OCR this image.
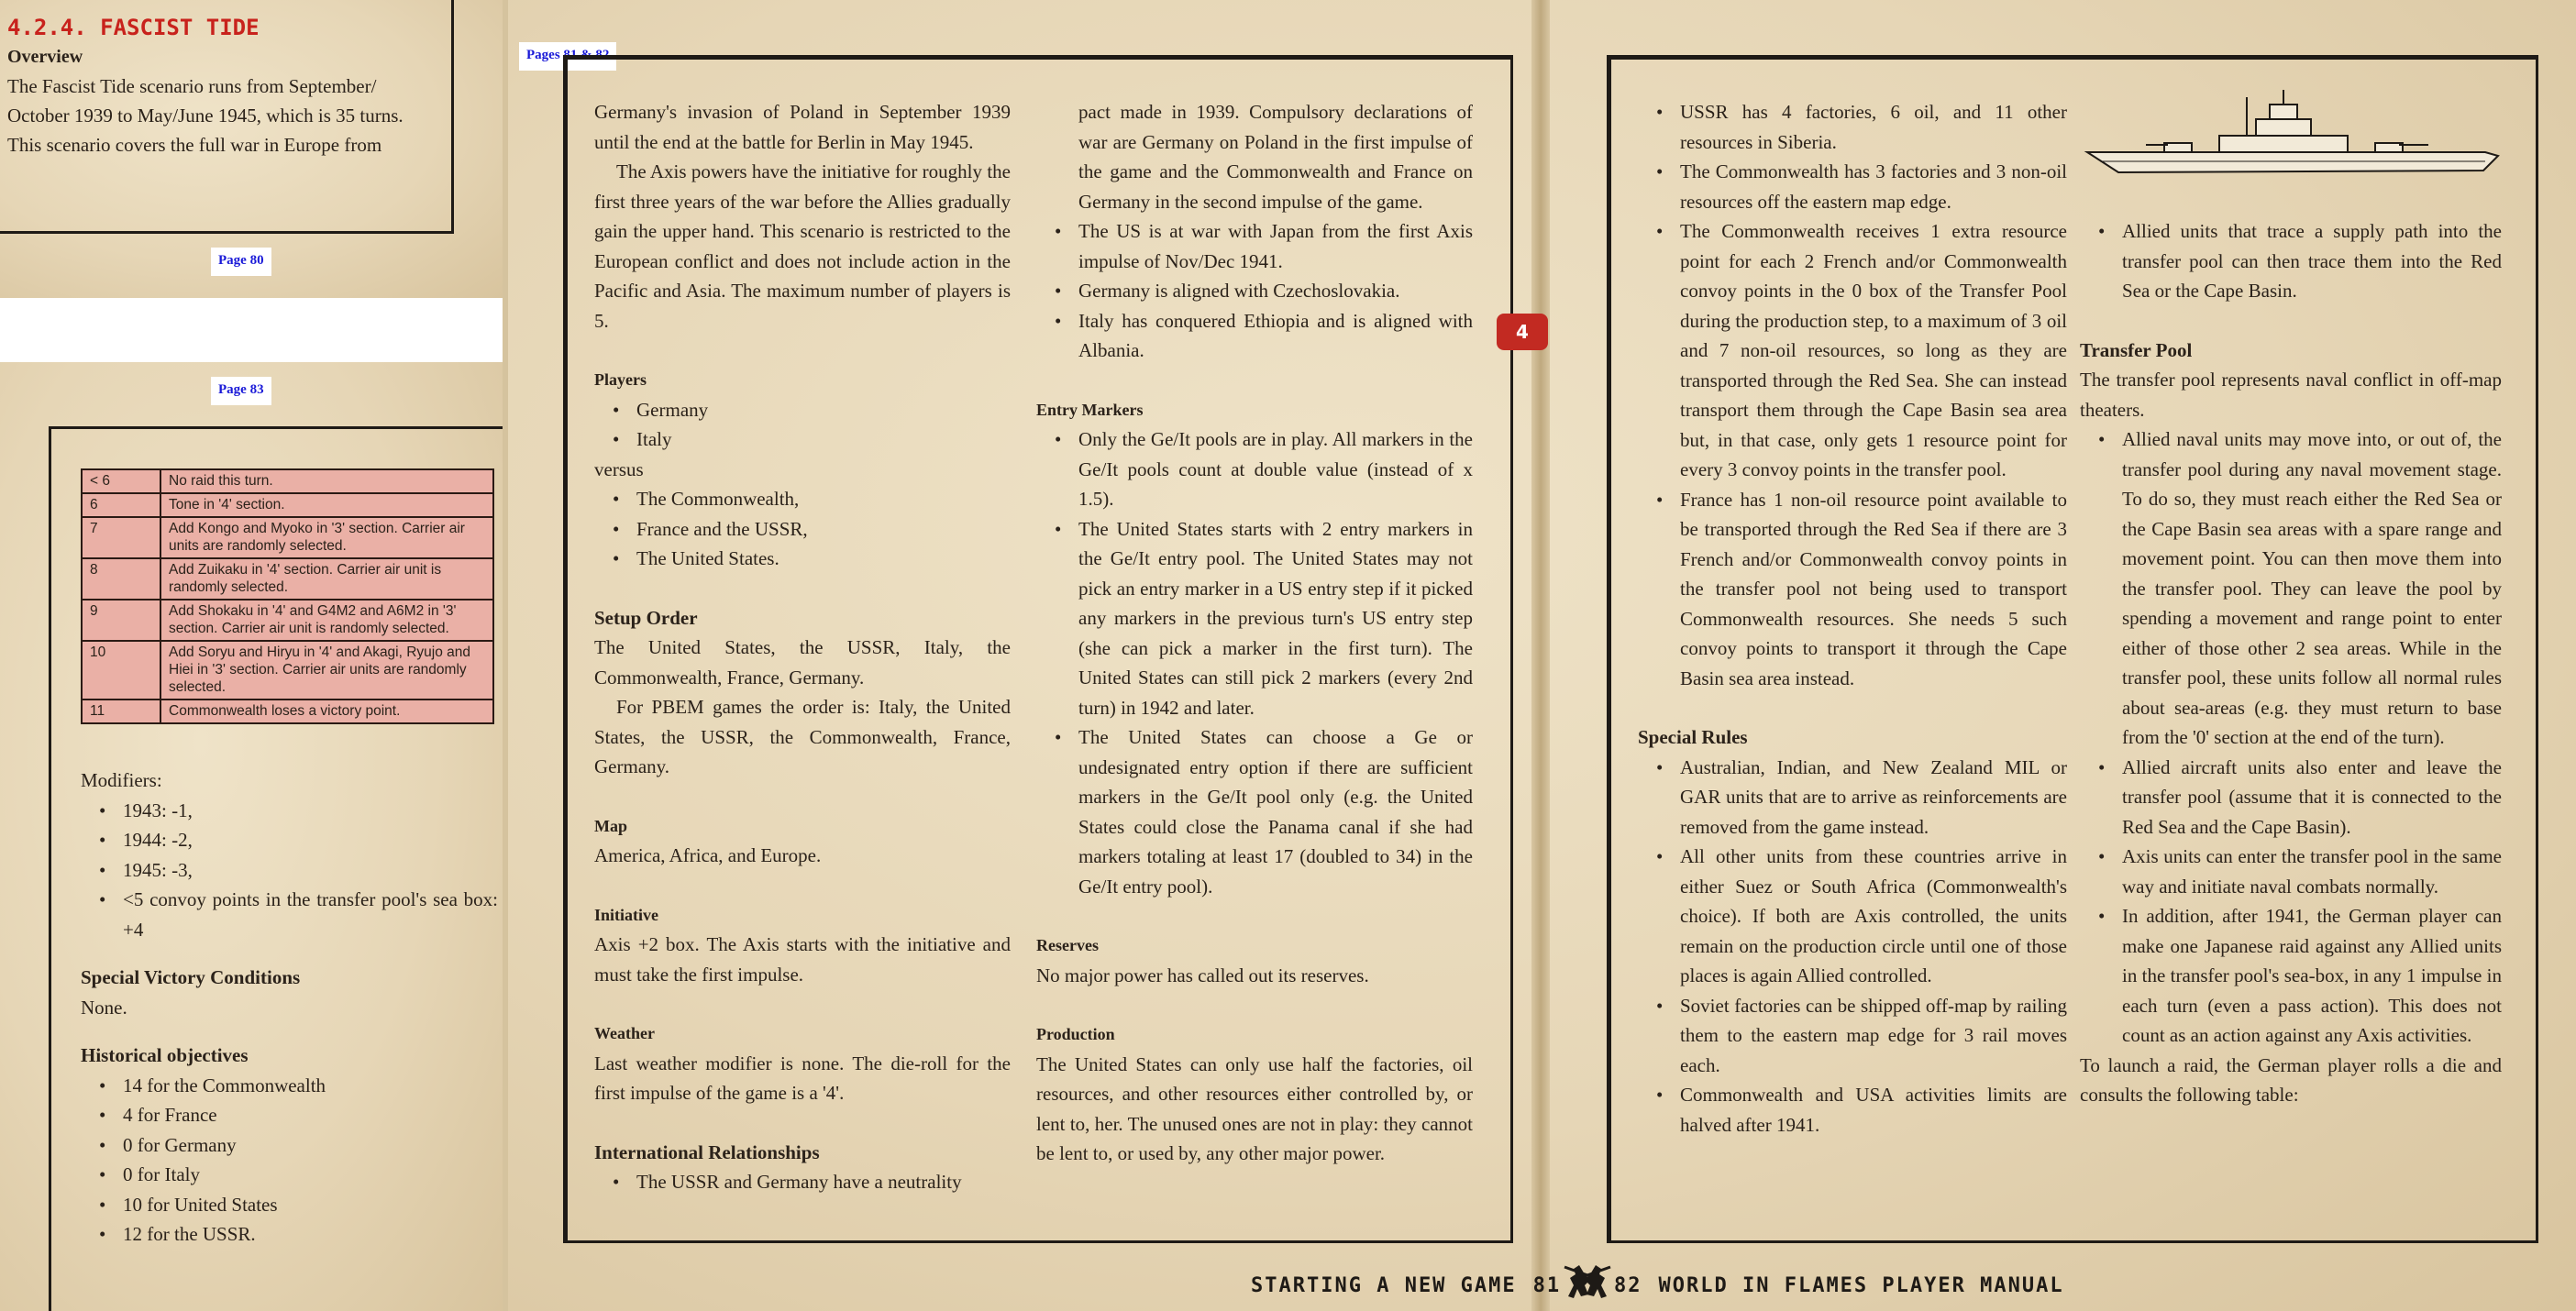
4.2.4. FASCIST TIDE
Overview
The Fascist Tide scenario runs from September/
October 1939 to May/June 1945, which is 35 turns.
This scenario covers the full war in Europe from
Page 80
Page 83
< 6	No raid this turn.
6	Tone in '4' section.
7	Add Kongo and Myoko in '3' section. Carrier air units are randomly selected.
8	Add Zuikaku in '4' section. Carrier air unit is randomly selected.
9	Add Shokaku in '4' and G4M2 and A6M2 in '3' section. Carrier air unit is randomly selected.
10	Add Soryu and Hiryu in '4' and Akagi, Ryujo and Hiei in '3' section. Carrier air units are randomly selected.
11	Commonwealth loses a victory point.
Modifiers:
• 1943: -1,
• 1944: -2,
• 1945: -3,
• <5 convoy points in the transfer pool's sea box: +4
Special Victory Conditions
None.
Historical objectives
• 14 for the Commonwealth
• 4 for France
• 0 for Germany
• 0 for Italy
• 10 for United States
• 12 for the USSR.
Pages 81 & 82

Germany's invasion of Poland in September 1939 until the end at the battle for Berlin in May 1945.

The Axis powers have the initiative for roughly the first three years of the war before the Allies gradually gain the upper hand. This scenario is restricted to the European conflict and does not include action in the Pacific and Asia. The maximum number of players is 5.

Players
• Germany
• Italy

versus

• The Commonwealth,
• France and the USSR,
• The United States.
Setup Order

The United States, the USSR, Italy, the Commonwealth, France, Germany.

For PBEM games the order is: Italy, the United States, the USSR, the Commonwealth, France, Germany.

Map

America, Africa, and Europe.

Initiative

Axis +2 box. The Axis starts with the initiative and must take the first impulse.

Weather

Last weather modifier is none. The die-roll for the first impulse of the game is a '4'.

International Relationships
• The USSR and Germany have a neutrality

pact made in 1939. Compulsory declarations of war are Germany on Poland in the first impulse of the game and the Commonwealth and France on Germany in the second impulse of the game.

• The US is at war with Japan from the first Axis impulse of Nov/Dec 1941.
• Germany is aligned with Czechoslovakia.
• Italy has conquered Ethiopia and is aligned with Albania.
Entry Markers
• Only the Ge/It pools are in play. All markers in the Ge/It pools count at double value (instead of x 1.5).
• The United States starts with 2 entry markers in the Ge/It entry pool. The United States may not pick an entry marker in a US entry step if it picked any markers in the previous turn's US entry step (she can pick a marker in the first turn). The United States can still pick 2 markers (every 2nd turn) in 1942 and later.
• The United States can choose a Ge or undesignated entry option if there are sufficient markers in the Ge/It pool only (e.g. the United States could close the Panama canal if she had markers totaling at least 17 (doubled to 34) in the Ge/It entry pool).
Reserves

No major power has called out its reserves.

Production

The United States can only use half the factories, oil resources, and other resources either controlled by, or lent to, her. The unused ones are not in play: they cannot be lent to, or used by, any other major power.

STARTING A NEW GAME 81
4
• USSR has 4 factories, 6 oil, and 11 other resources in Siberia.
• The Commonwealth has 3 factories and 3 non-oil resources off the eastern map edge.
• The Commonwealth receives 1 extra resource point for each 2 French and/or Commonwealth convoy points in the 0 box of the Transfer Pool during the production step, to a maximum of 3 oil and 7 non-oil resources, so long as they are transported through the Red Sea. She can instead transport them through the Cape Basin sea area but, in that case, only gets 1 resource point for every 3 convoy points in the transfer pool.
• France has 1 non-oil resource point available to be transported through the Red Sea if there are 3 French and/or Commonwealth convoy points in the transfer pool not being used to transport Commonwealth resources. She needs 5 such convoy points to transport it through the Cape Basin sea area instead.
Special Rules
• Australian, Indian, and New Zealand MIL or GAR units that are to arrive as reinforcements are removed from the game instead.
• All other units from these countries arrive in either Suez or South Africa (Commonwealth's choice). If both are Axis controlled, the units remain on the production circle until one of those places is again Allied controlled.
• Soviet factories can be shipped off-map by railing them to the eastern map edge for 3 rail moves each.
• Commonwealth and USA activities limits are halved after 1941.
• Allied units that trace a supply path into the transfer pool can then trace them into the Red Sea or the Cape Basin.
Transfer Pool

The transfer pool represents naval conflict in off-map theaters.

• Allied naval units may move into, or out of, the transfer pool during any naval movement stage. To do so, they must reach either the Red Sea or the Cape Basin sea areas with a spare range and movement point. You can then move them into the transfer pool. They can leave the pool by spending a movement and range point to enter either of those other 2 sea areas. While in the transfer pool, these units follow all normal rules about sea-areas (e.g. they must return to base from the '0' section at the end of the turn).
• Allied aircraft units also enter and leave the transfer pool (assume that it is connected to the Red Sea and the Cape Basin).
• Axis units can enter the transfer pool in the same way and initiate naval combats normally.
• In addition, after 1941, the German player can make one Japanese raid against any Allied units in the transfer pool's sea-box, in any 1 impulse in each turn (even a pass action). This does not count as an action against any Axis activities.

To launch a raid, the German player rolls a die and consults the following table:

82 WORLD IN FLAMES PLAYER MANUAL
